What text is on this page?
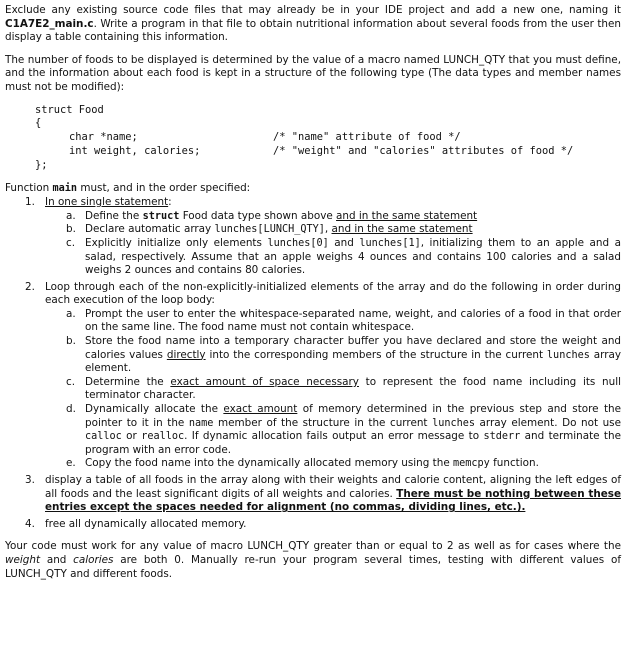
Exclude any existing source code files that may already be in your IDE project and add a new one, naming it C1A7E2_main.c. Write a program in that file to obtain nutritional information about several foods from the user then display a table containing this information.

The number of foods to be displayed is determined by the value of a macro named LUNCH_QTY that you must define, and the information about each food is kept in a structure of the following type (The data types and member names must not be modified):

struct Food
{
char *name;	/* "name" attribute of food */
int weight, calories;	/* "weight" and "calories" attributes of food */
};

Function main must, and in the order specified:

1. In one single statement:
a. Define the struct Food data type shown above and in the same statement
b. Declare automatic array lunches[LUNCH_QTY], and in the same statement
c. Explicitly initialize only elements lunches[0] and lunches[1], initializing them to an apple and a salad, respectively. Assume that an apple weighs 4 ounces and contains 100 calories and a salad weighs 2 ounces and contains 80 calories.
2. Loop through each of the non-explicitly-initialized elements of the array and do the following in order during each execution of the loop body:

a. Prompt the user to enter the whitespace-separated name, weight, and calories of a food in that order on the same line. The food name must not contain whitespace.
b. Store the food name into a temporary character buffer you have declared and store the weight and calories values directly into the corresponding members of the structure in the current lunches array element.
c. Determine the exact amount of space necessary to represent the food name including its null terminator character.
d. Dynamically allocate the exact amount of memory determined in the previous step and store the pointer to it in the name member of the structure in the current lunches array element. Do not use calloc or realloc. If dynamic allocation fails output an error message to stderr and terminate the program with an error code.
e. Copy the food name into the dynamically allocated memory using the memcpy function.
3. display a table of all foods in the array along with their weights and calorie content, aligning the left edges of all foods and the least significant digits of all weights and calories. There must be nothing between these entries except the spaces needed for alignment (no commas, dividing lines, etc.).
4. free all dynamically allocated memory.

Your code must work for any value of macro LUNCH_QTY greater than or equal to 2 as well as for cases where the weight and calories are both 0. Manually re-run your program several times, testing with different values of LUNCH_QTY and different foods.
